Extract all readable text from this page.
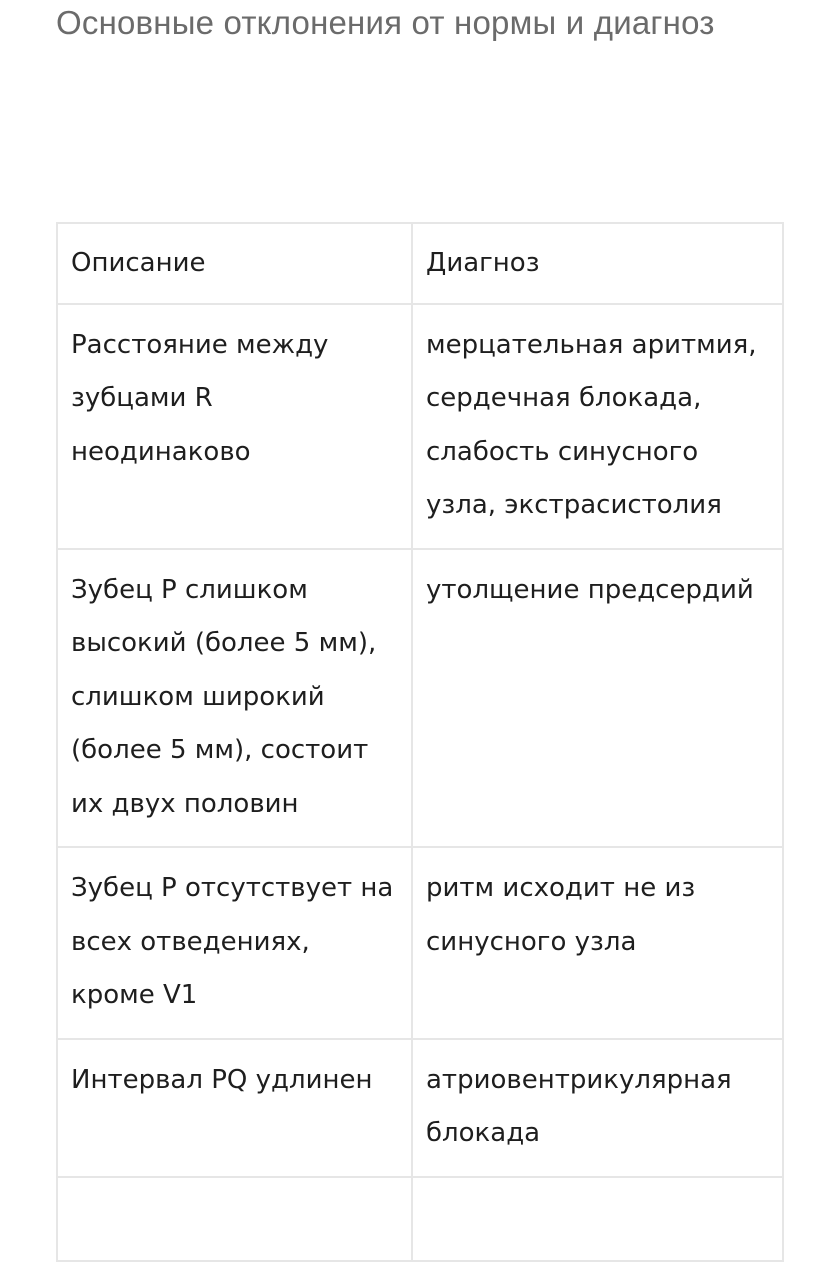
Основные отклонения от нормы и диагноз
Описание	Диагноз
Расстояние между зубцами R неодинаково	мерцательная аритмия, сердечная блокада, слабость синусного узла, экстрасистолия
Зубец P слишком высокий (более 5 мм), слишком широкий (более 5 мм), состоит их двух половин	утолщение предсердий
Зубец P отсутствует на всех отведениях, кроме V1	ритм исходит не из синусного узла
Интервал PQ удлинен	атриовентрикулярная блокада
